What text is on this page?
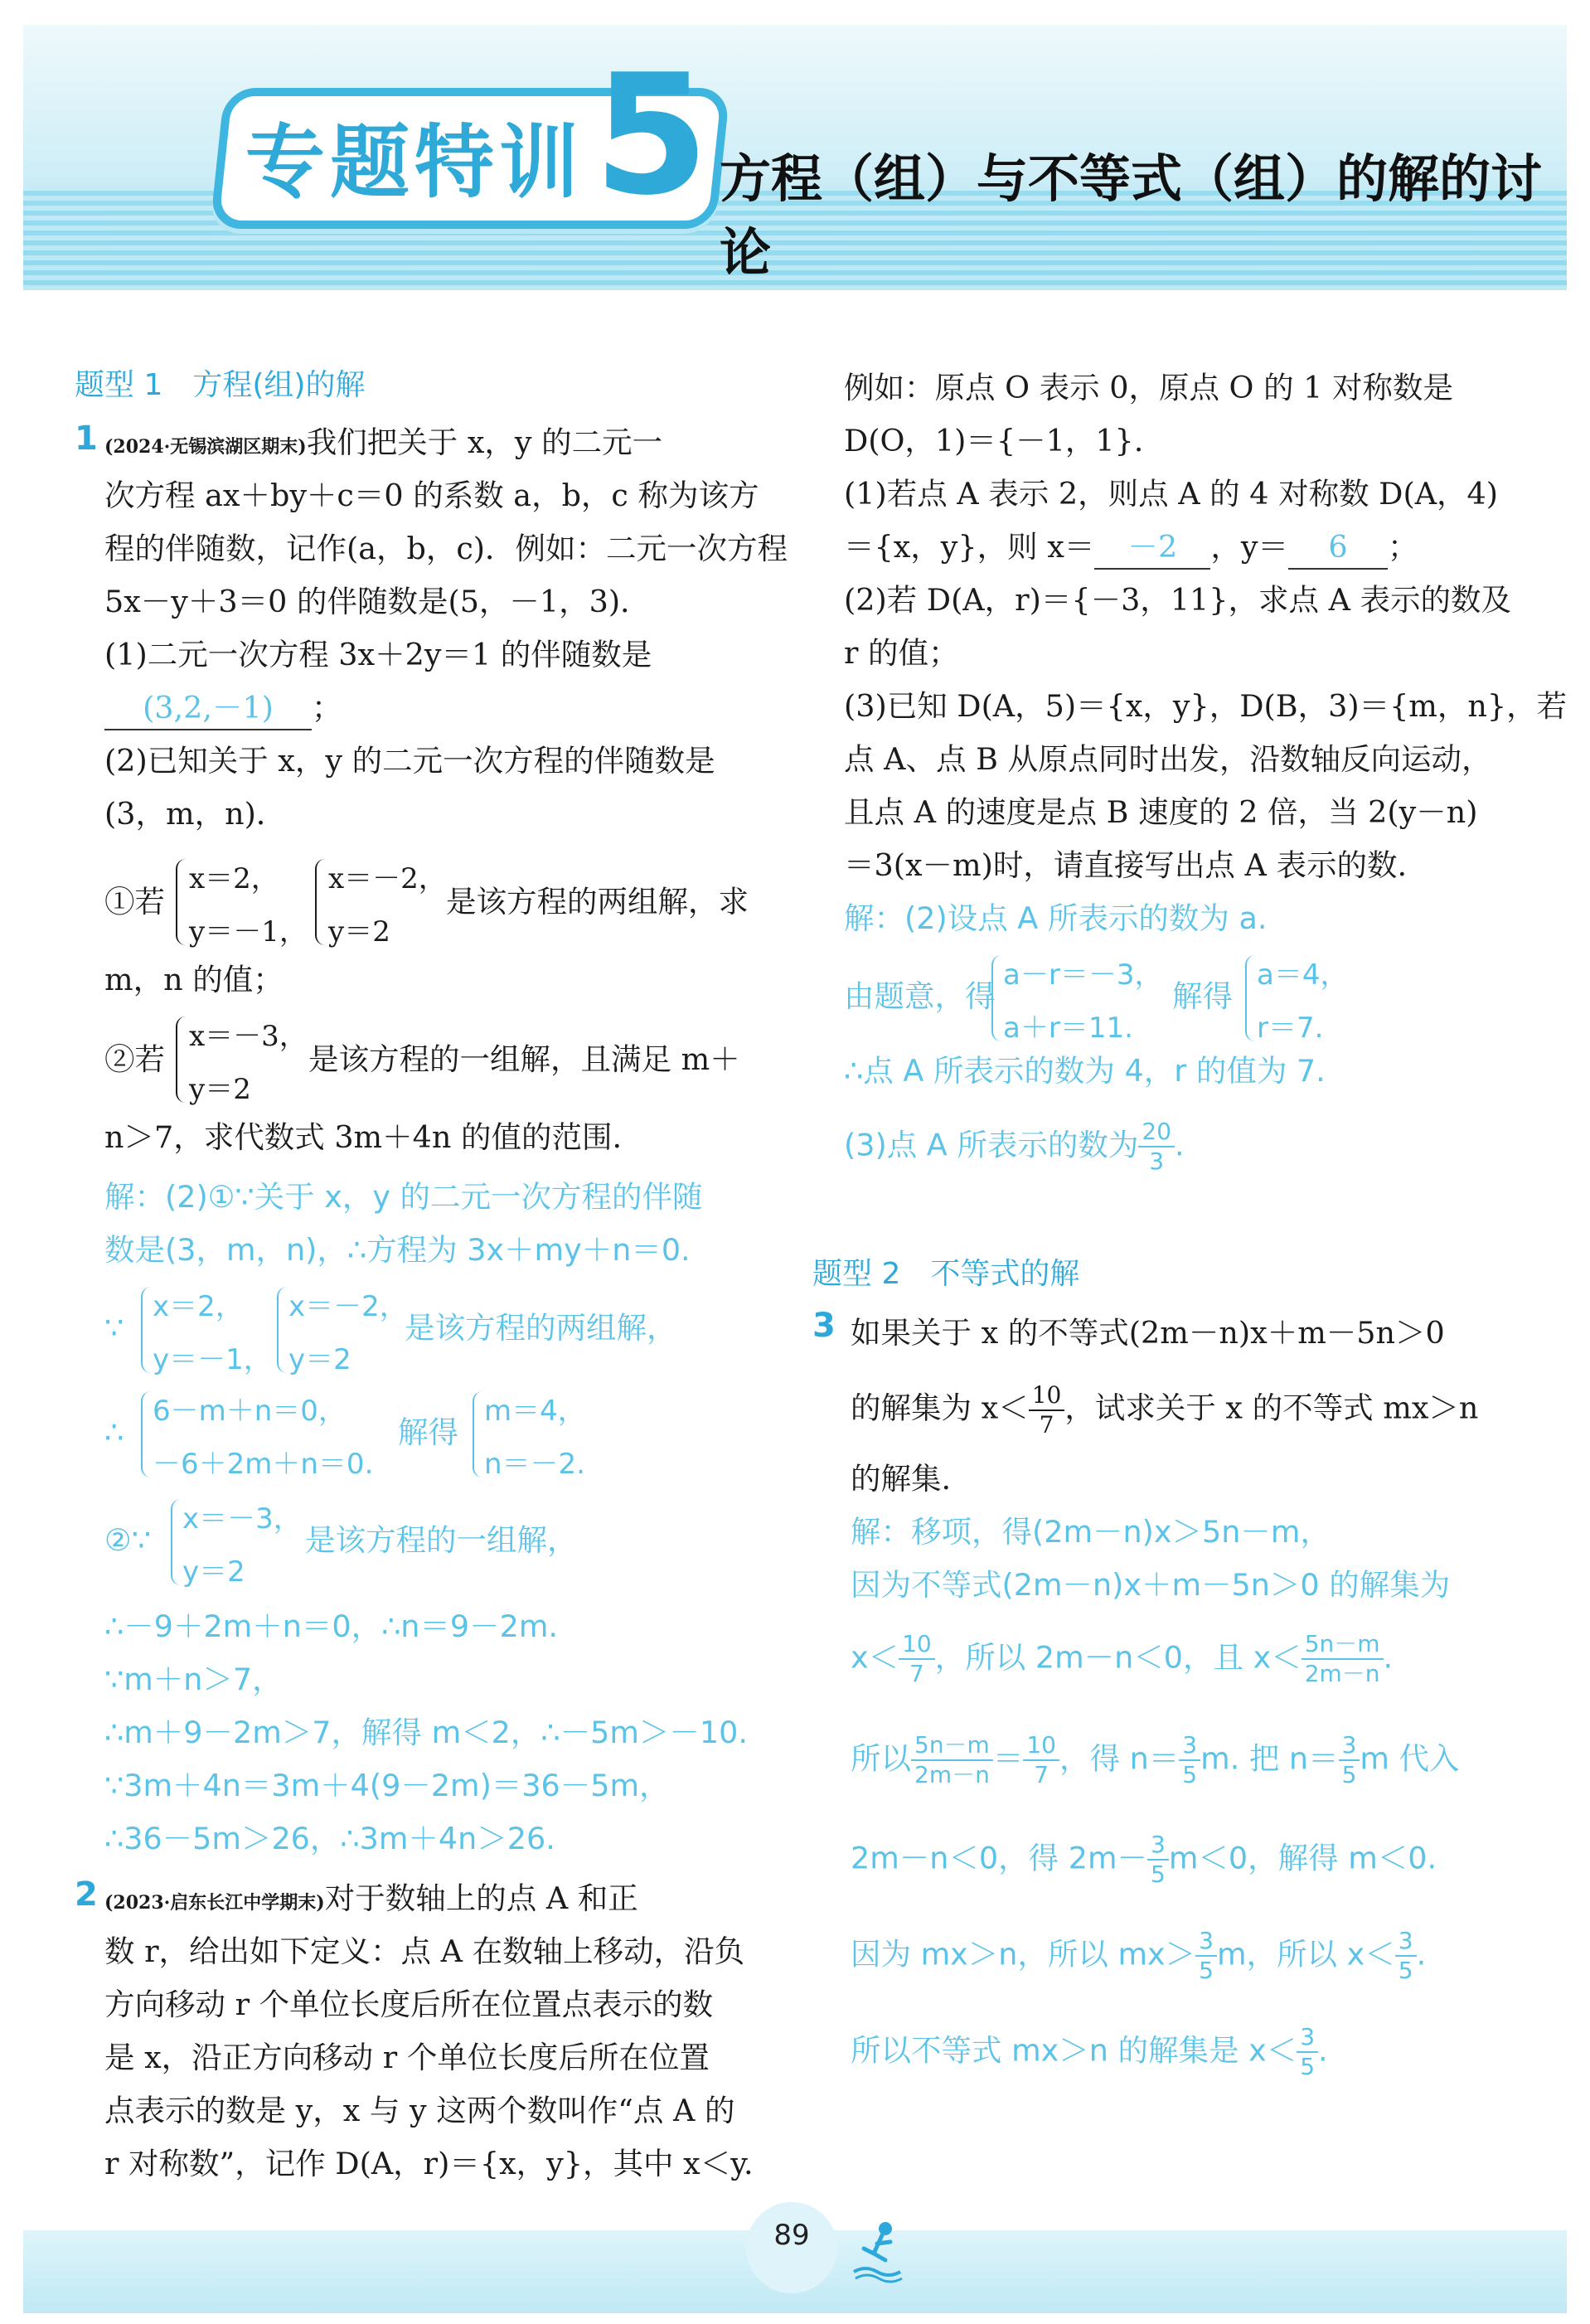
专题特训 5 方程（组）与不等式（组）的解的讨论
题型 1　方程(组)的解
1 (2024·无锡滨湖区期末)我们把关于 x，y 的二元一
次方程 ax＋by＋c＝0 的系数 a，b，c 称为该方
程的伴随数，记作(a，b，c)．例如：二元一次方程
5x－y＋3＝0 的伴随数是(5，－1，3)．
(1)二元一次方程 3x＋2y＝1 的伴随数是
(3,2,－1) ；
(2)已知关于 x，y 的二元一次方程的伴随数是
(3，m，n)．
①若
x＝2，
y＝－1，
x＝－2，
y＝2
是该方程的两组解，求
m，n 的值；
②若
x＝－3，
y＝2
是该方程的一组解，且满足 m＋
n＞7，求代数式 3m＋4n 的值的范围.
解：(2)①∵关于 x，y 的二元一次方程的伴随
数是(3，m，n)，∴方程为 3x＋my＋n＝0.
∵
x＝2，
y＝－1，
x＝－2，
y＝2
是该方程的两组解，
∴
6－m＋n＝0，
－6＋2m＋n＝0.
解得
m＝4，
n＝－2.
②∵
x＝－3，
y＝2
是该方程的一组解，
∴－9＋2m＋n＝0，∴n＝9－2m.
∵m＋n＞7，
∴m＋9－2m＞7，解得 m＜2，∴－5m＞－10.
∵3m＋4n＝3m＋4(9－2m)＝36－5m，
∴36－5m＞26，∴3m＋4n＞26.
2 (2023·启东长江中学期末)对于数轴上的点 A 和正
数 r，给出如下定义：点 A 在数轴上移动，沿负
方向移动 r 个单位长度后所在位置点表示的数
是 x，沿正方向移动 r 个单位长度后所在位置
点表示的数是 y，x 与 y 这两个数叫作“点 A 的
r 对称数”，记作 D(A，r)＝{x，y}，其中 x＜y.
例如：原点 O 表示 0，原点 O 的 1 对称数是
D(O，1)＝{－1，1}.
(1)若点 A 表示 2，则点 A 的 4 对称数 D(A，4)
＝{x，y}，则 x＝ －2 ，y＝ 6 ；
(2)若 D(A，r)＝{－3，11}，求点 A 表示的数及
r 的值；
(3)已知 D(A，5)＝{x，y}，D(B，3)＝{m，n}，若
点 A、点 B 从原点同时出发，沿数轴反向运动，
且点 A 的速度是点 B 速度的 2 倍，当 2(y－n)
＝3(x－m)时，请直接写出点 A 表示的数.
解：(2)设点 A 所表示的数为 a.
由题意，得
a－r＝－3，
a＋r＝11.
解得
a＝4，
r＝7.
∴点 A 所表示的数为 4，r 的值为 7.
(3)点 A 所表示的数为 $\frac{20}{3}$ .
题型 2　不等式的解
3 如果关于 x 的不等式(2m－n)x＋m－5n＞0
的解集为 $x< \frac{10}{7}$ ，试求关于 x 的不等式 mx＞n
的解集.
解：移项，得(2m－n)x＞5n－m，
因为不等式(2m－n)x＋m－5n＞0 的解集为
$x< \frac{10}{7}$ ，所以 2m－n＜0，且 $x< \frac{5n-m}{2m-n}$ .
所以 $\frac{5n-m}{2m-n} = \frac{10}{7}$ ，得 $n= \frac{3}{5} m$. 把 $n= \frac{3}{5}$ m 代入
2m－n＜0，得 $2m- \frac{3}{5} m<0$，解得 m＜0.
因为 mx＞n，所以 $mx> \frac{3}{5}$ m，所以 $x< \frac{3}{5}$ .
所以不等式 mx＞n 的解集是 $x< \frac{3}{5}$ .
89
